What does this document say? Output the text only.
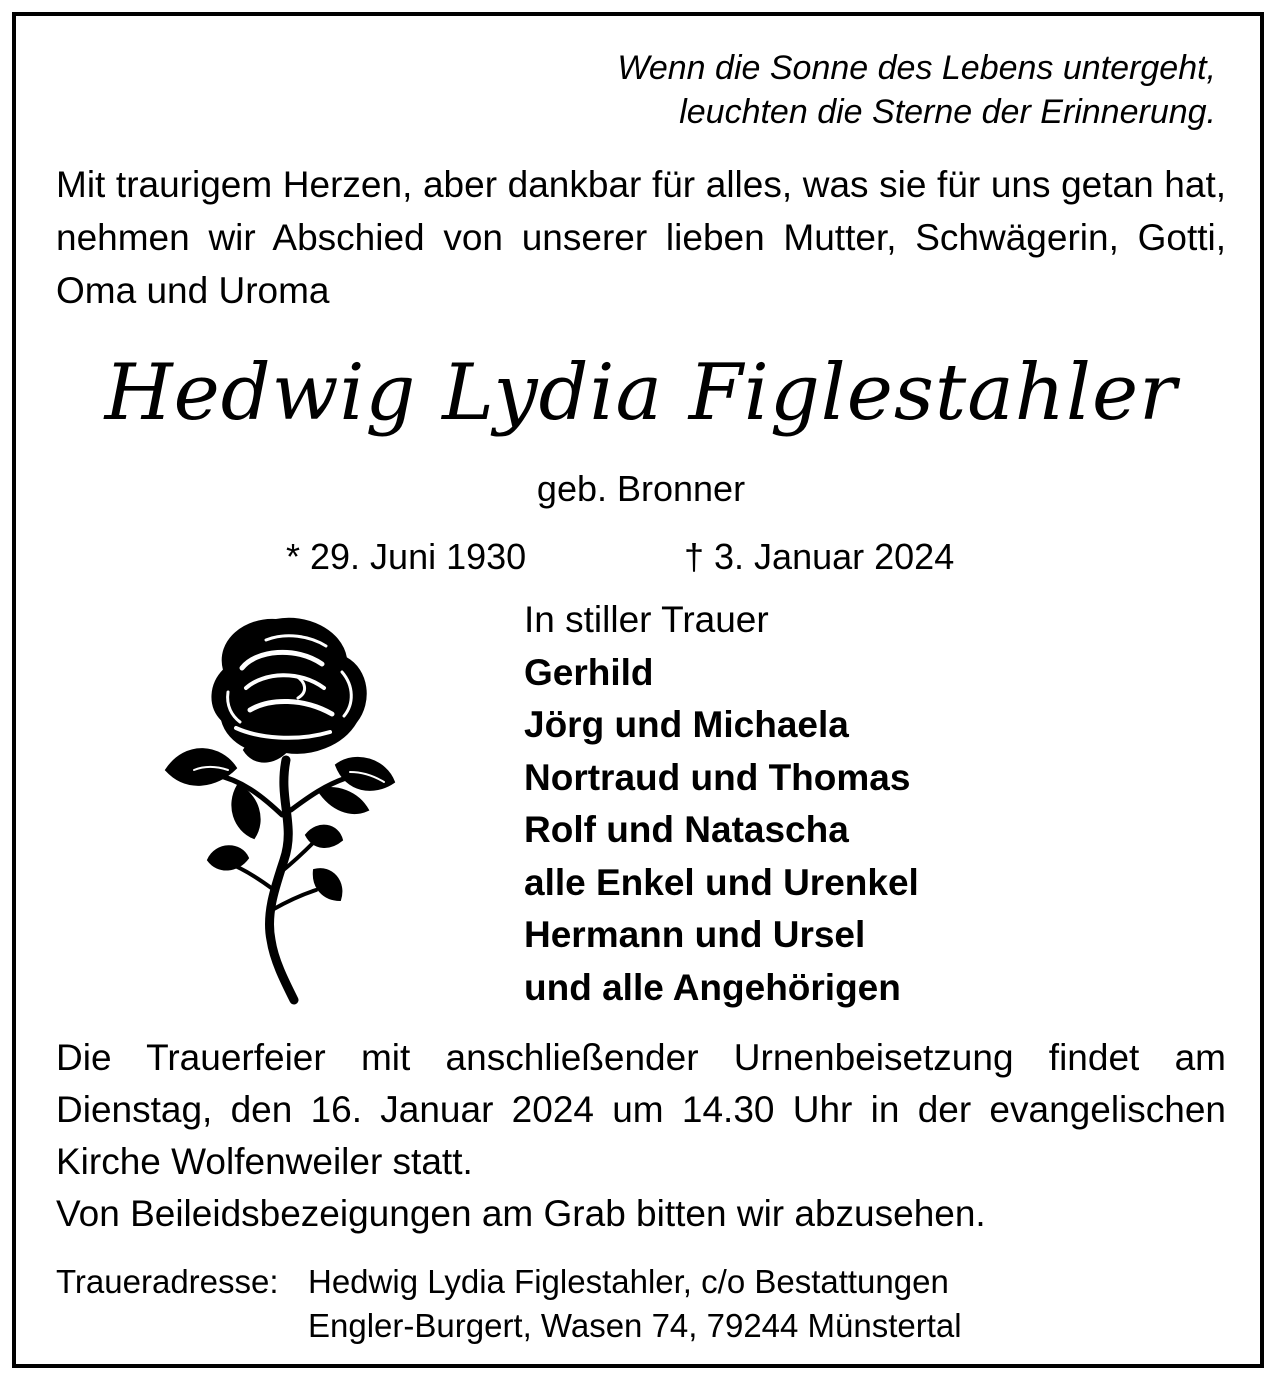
Wenn die Sonne des Lebens untergeht,
leuchten die Sterne der Erinnerung.
Mit traurigem Herzen, aber dankbar für alles, was sie für uns getan hat, nehmen wir Abschied von unserer lieben Mutter, Schwägerin, Gotti, Oma und Uroma
Hedwig Lydia Figlestahler
geb. Bronner
* 29. Juni 1930	† 3. Januar 2024
In stiller Trauer
Gerhild
Jörg und Michaela
Nortraud und Thomas
Rolf und Natascha
alle Enkel und Urenkel
Hermann und Ursel
und alle Angehörigen

Die Trauerfeier mit anschließender Urnenbeisetzung findet am Dienstag, den 16. Januar 2024 um 14.30 Uhr in der evangelischen Kirche Wolfenweiler statt.

Von Beileidsbezeigungen am Grab bitten wir abzusehen.

Traueradresse: Hedwig Lydia Figlestahler, c/o Bestattungen
Engler-Burgert, Wasen 74, 79244 Münstertal
